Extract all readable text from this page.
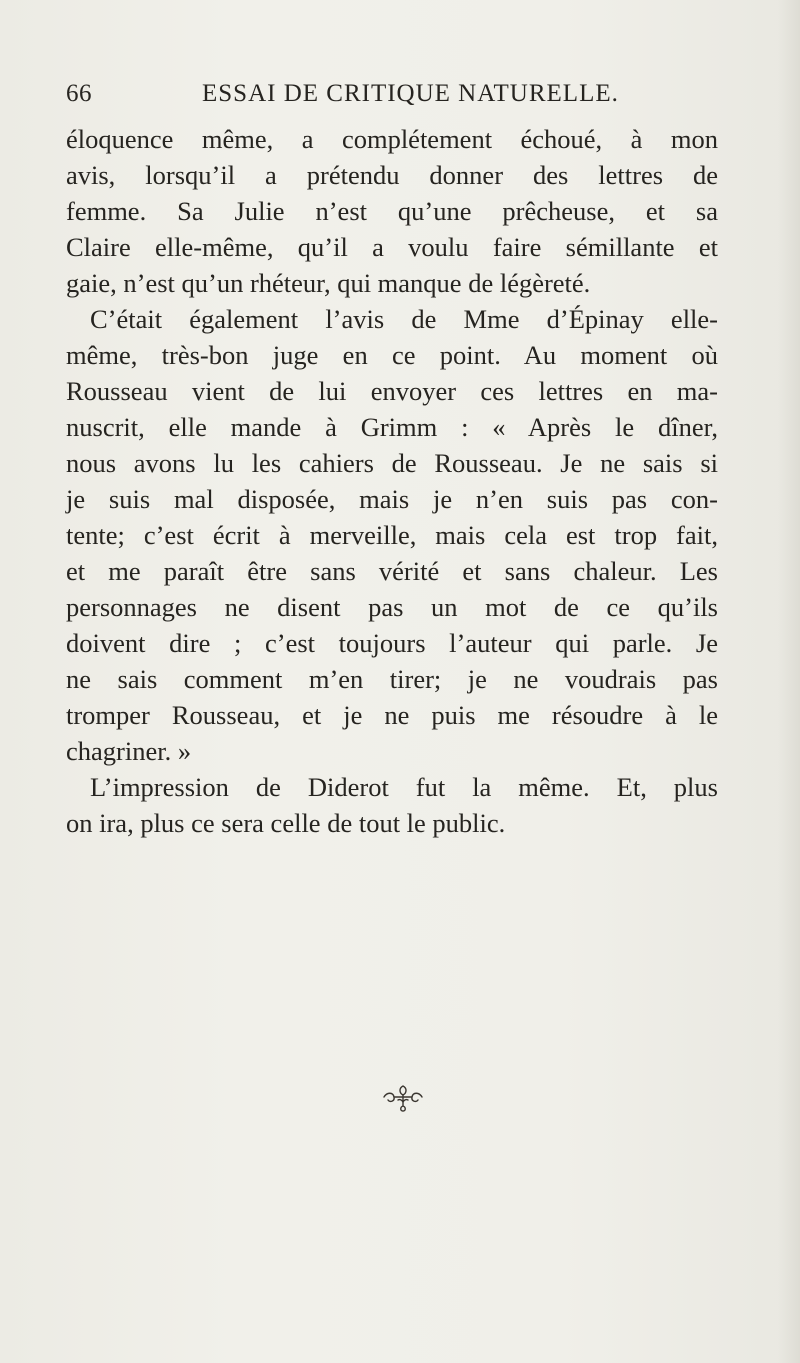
66	ESSAI DE CRITIQUE NATURELLE.
éloquence même, a complétement échoué, à mon
avis, lorsqu’il a prétendu donner des lettres de
femme. Sa Julie n’est qu’une prêcheuse, et sa
Claire elle-même, qu’il a voulu faire sémillante et
gaie, n’est qu’un rhéteur, qui manque de légèreté.
C’était également l’avis de Mme d’Épinay elle-
même, très-bon juge en ce point. Au moment où
Rousseau vient de lui envoyer ces lettres en ma-
nuscrit, elle mande à Grimm : « Après le dîner,
nous avons lu les cahiers de Rousseau. Je ne sais si
je suis mal disposée, mais je n’en suis pas con-
tente; c’est écrit à merveille, mais cela est trop fait,
et me paraît être sans vérité et sans chaleur. Les
personnages ne disent pas un mot de ce qu’ils
doivent dire ; c’est toujours l’auteur qui parle. Je
ne sais comment m’en tirer; je ne voudrais pas
tromper Rousseau, et je ne puis me résoudre à le
chagriner. »
L’impression de Diderot fut la même. Et, plus
on ira, plus ce sera celle de tout le public.
